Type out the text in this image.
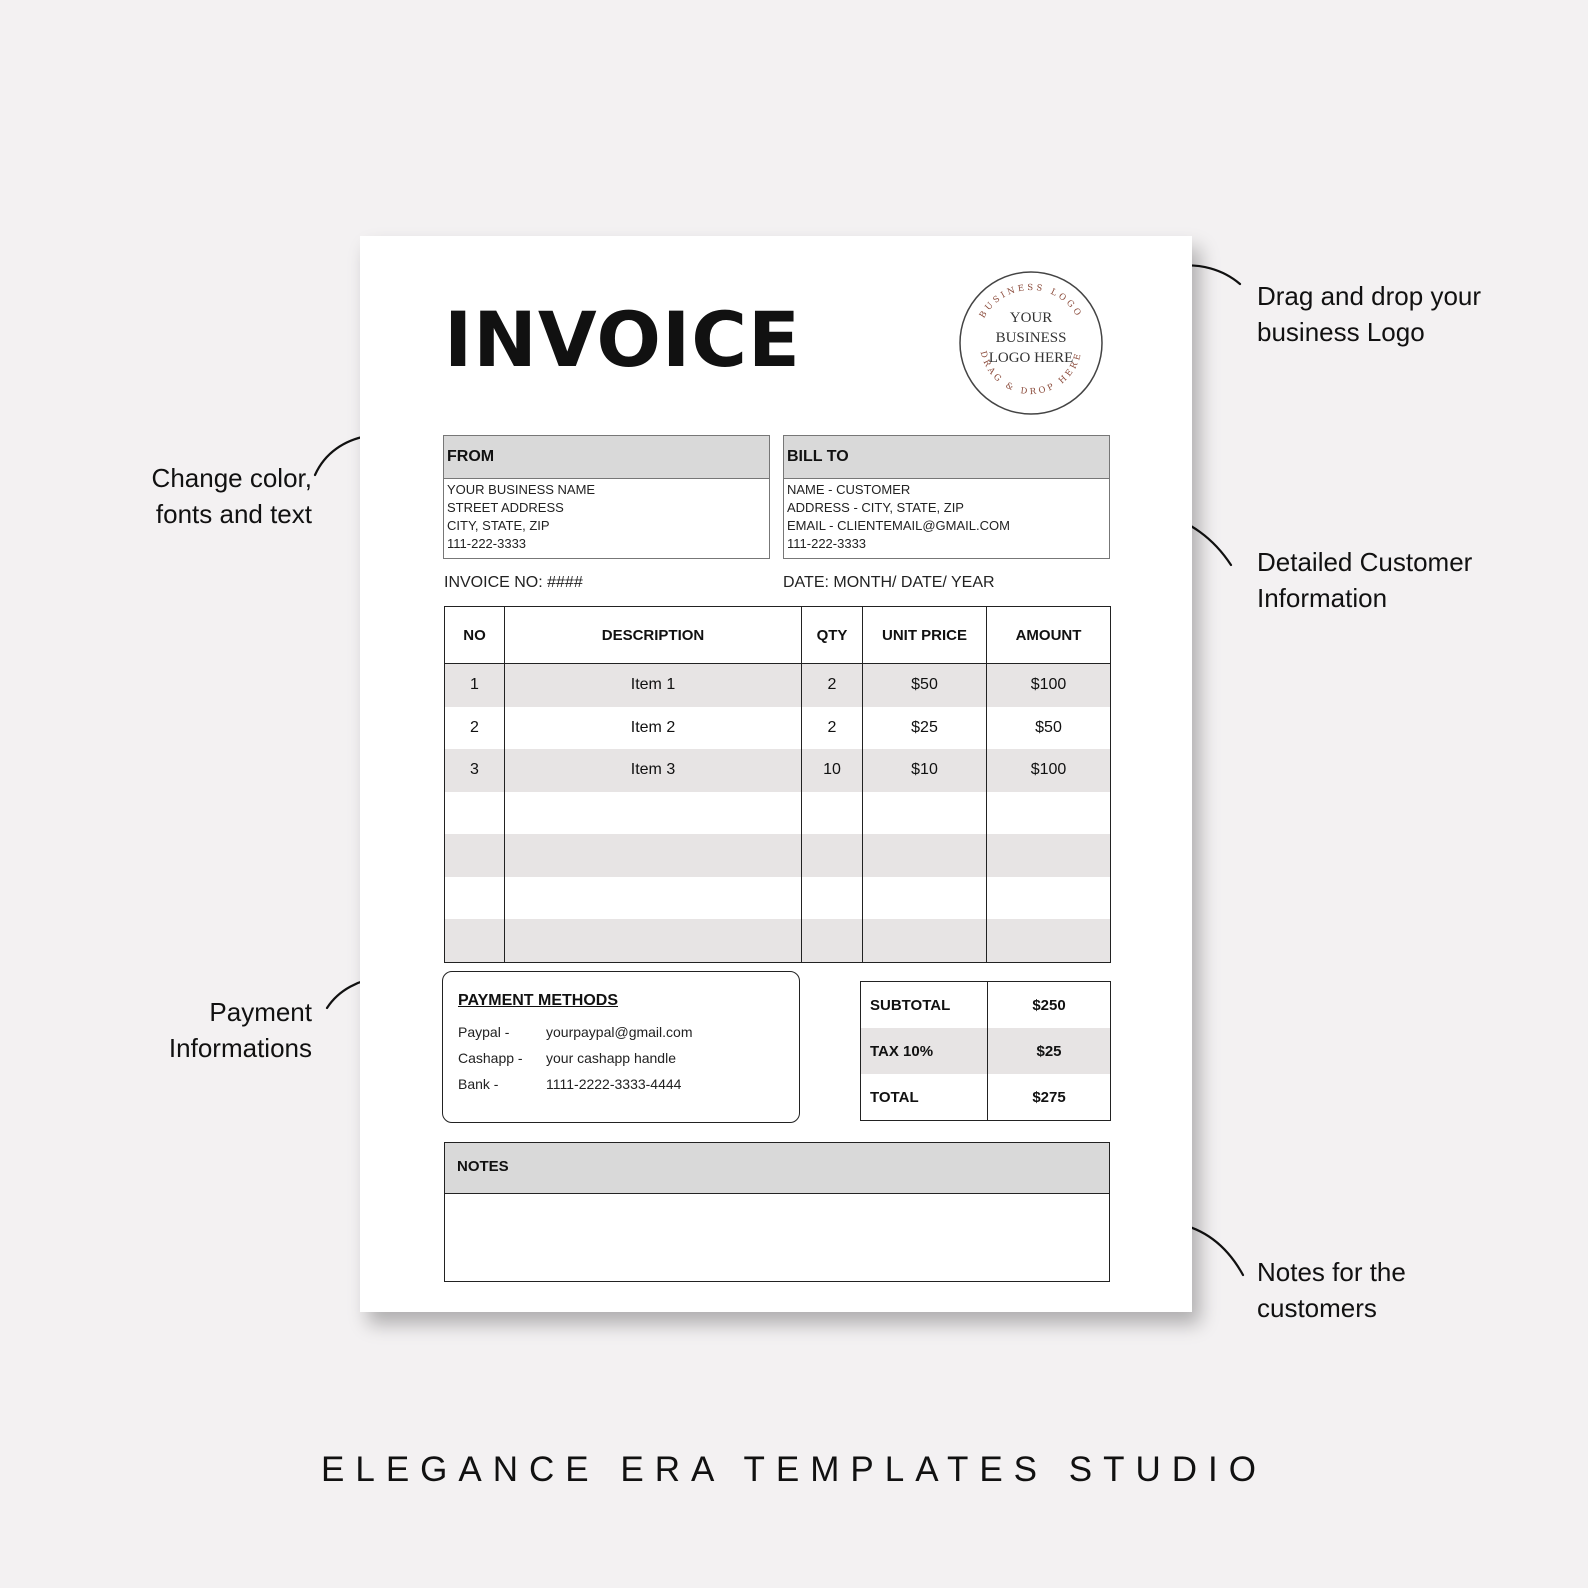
Drag and drop your
business Logo
Change color,
fonts and text
Detailed Customer
Information
Payment
Informations
Notes for the
customers
INVOICE	BUSINESS LOGO
DRAG & DROP HERE
YOUR
BUSINESS
LOGO HERE
FROM
YOUR BUSINESS NAME
STREET ADDRESS
CITY, STATE, ZIP
111-222-3333
BILL TO
NAME - CUSTOMER
ADDRESS - CITY, STATE, ZIP
EMAIL - CLIENTEMAIL@GMAIL.COM
111-222-3333
INVOICE NO: ####	DATE: MONTH/ DATE/ YEAR
NO	DESCRIPTION	QTY	UNIT PRICE	AMOUNT
1	Item 1	2	$50	$100
2	Item 2	2	$25	$50
3	Item 3	10	$10	$100

PAYMENT METHODS
Paypal -	yourpaypal@gmail.com
Cashapp - your cashapp handle
Bank -	1111-2222-3333-4444
SUBTOTAL	$250
TAX 10%	$25
TOTAL	$275
NOTES
ELEGANCE ERA TEMPLATES STUDIO
